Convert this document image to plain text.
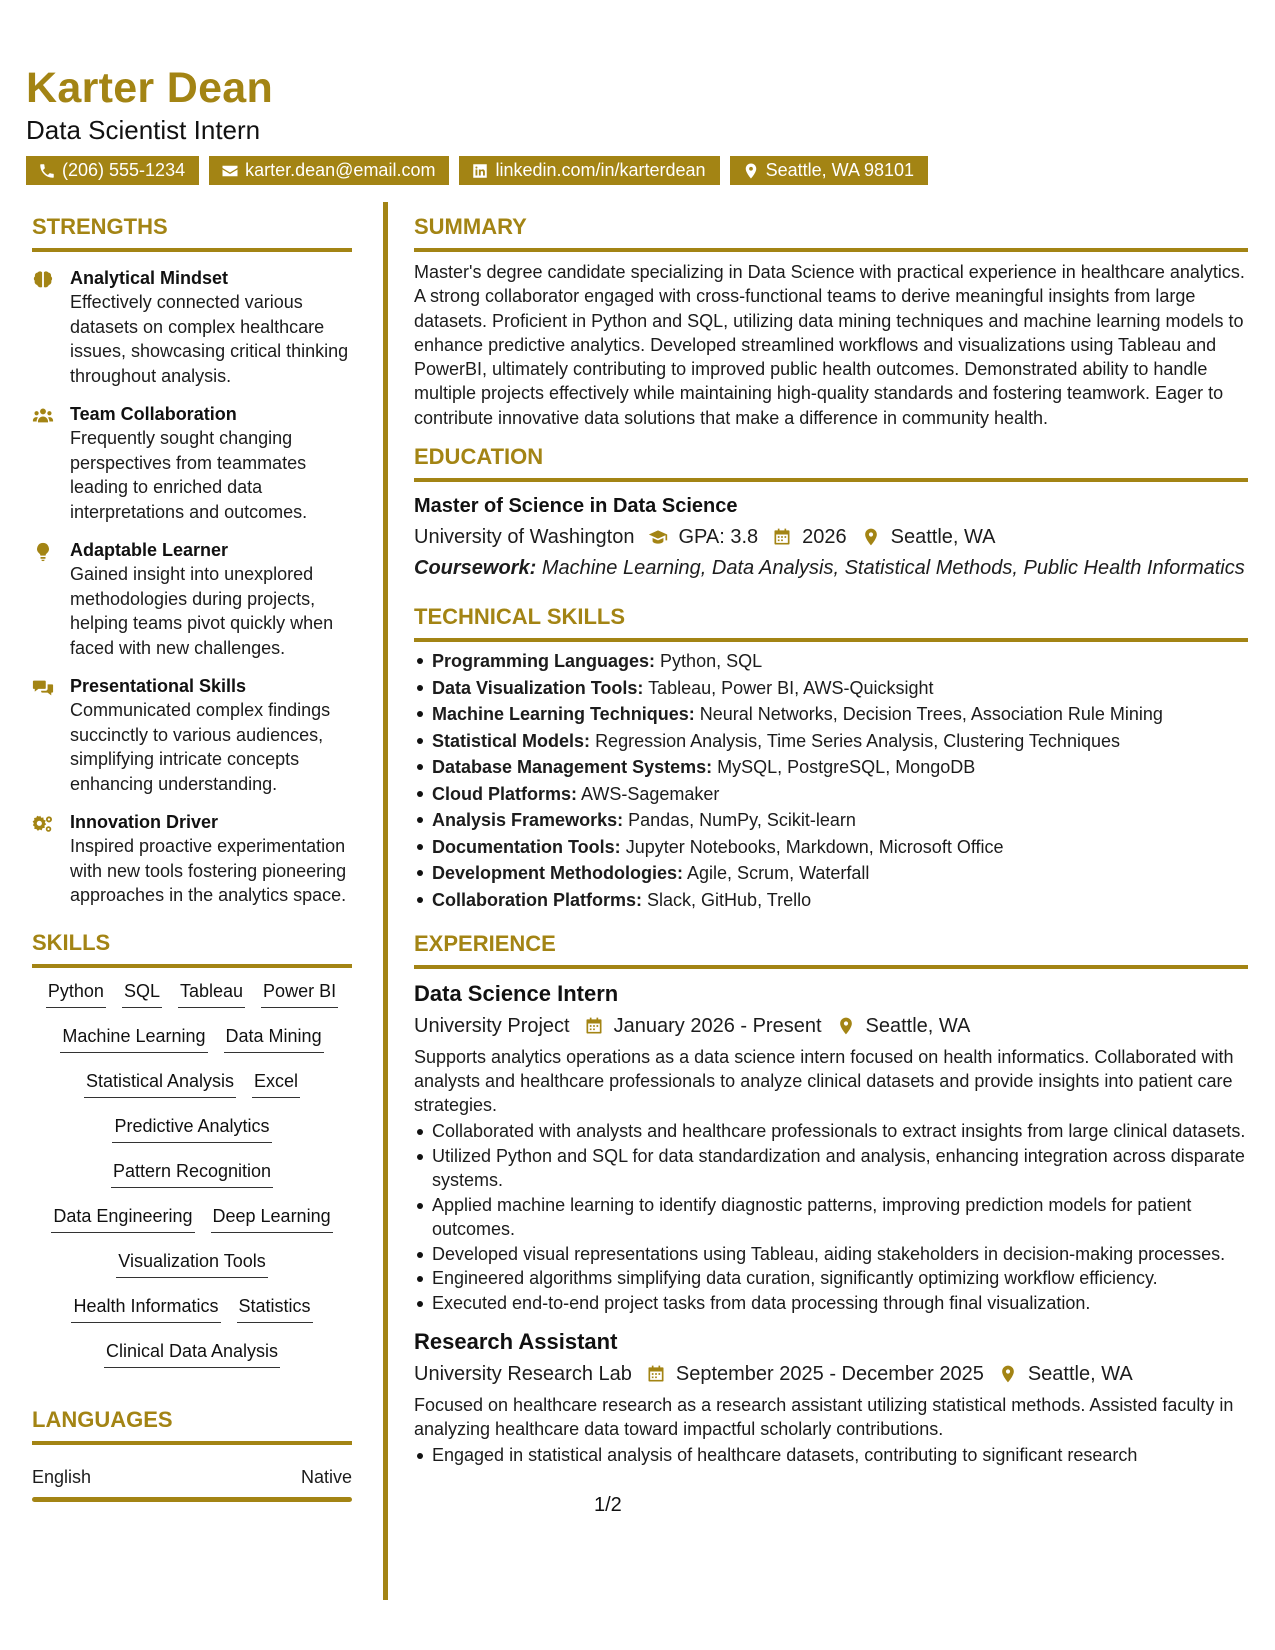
Karter Dean
Data Scientist Intern
(206) 555-1234	karter.dean@email.com	linkedin.com/in/karterdean	Seattle, WA 98101
STRENGTHS
Analytical Mindset
Effectively connected various datasets on complex healthcare issues, showcasing critical thinking throughout analysis.
Team Collaboration
Frequently sought changing perspectives from teammates leading to enriched data interpretations and outcomes.
Adaptable Learner
Gained insight into unexplored methodologies during projects, helping teams pivot quickly when faced with new challenges.
Presentational Skills
Communicated complex findings succinctly to various audiences, simplifying intricate concepts enhancing understanding.
Innovation Driver
Inspired proactive experimentation with new tools fostering pioneering approaches in the analytics space.
SKILLS
Python SQL Tableau Power BI
Machine Learning Data Mining
Statistical Analysis Excel
Predictive Analytics
Pattern Recognition
Data Engineering Deep Learning
Visualization Tools
Health Informatics Statistics
Clinical Data Analysis
LANGUAGES
English	Native
SUMMARY
Master's degree candidate specializing in Data Science with practical experience in healthcare analytics. A strong collaborator engaged with cross-functional teams to derive meaningful insights from large datasets. Proficient in Python and SQL, utilizing data mining techniques and machine learning models to enhance predictive analytics. Developed streamlined workflows and visualizations using Tableau and PowerBI, ultimately contributing to improved public health outcomes. Demonstrated ability to handle multiple projects effectively while maintaining high-quality standards and fostering teamwork. Eager to contribute innovative data solutions that make a difference in community health.
EDUCATION
Master of Science in Data Science
University of Washington GPA: 3.8 2026 Seattle, WA
Coursework: Machine Learning, Data Analysis, Statistical Methods, Public Health Informatics
TECHNICAL SKILLS
Programming Languages: Python, SQL
Data Visualization Tools: Tableau, Power BI, AWS-Quicksight
Machine Learning Techniques: Neural Networks, Decision Trees, Association Rule Mining
Statistical Models: Regression Analysis, Time Series Analysis, Clustering Techniques
Database Management Systems: MySQL, PostgreSQL, MongoDB
Cloud Platforms: AWS-Sagemaker
Analysis Frameworks: Pandas, NumPy, Scikit-learn
Documentation Tools: Jupyter Notebooks, Markdown, Microsoft Office
Development Methodologies: Agile, Scrum, Waterfall
Collaboration Platforms: Slack, GitHub, Trello
EXPERIENCE
Data Science Intern
University Project January 2026 - Present Seattle, WA
Supports analytics operations as a data science intern focused on health informatics. Collaborated with analysts and healthcare professionals to analyze clinical datasets and provide insights into patient care strategies.
Collaborated with analysts and healthcare professionals to extract insights from large clinical datasets.
Utilized Python and SQL for data standardization and analysis, enhancing integration across disparate systems.
Applied machine learning to identify diagnostic patterns, improving prediction models for patient outcomes.
Developed visual representations using Tableau, aiding stakeholders in decision-making processes.
Engineered algorithms simplifying data curation, significantly optimizing workflow efficiency.
Executed end-to-end project tasks from data processing through final visualization.
Research Assistant
University Research Lab September 2025 - December 2025 Seattle, WA
Focused on healthcare research as a research assistant utilizing statistical methods. Assisted faculty in analyzing healthcare data toward impactful scholarly contributions.
Engaged in statistical analysis of healthcare datasets, contributing to significant research
1/2
